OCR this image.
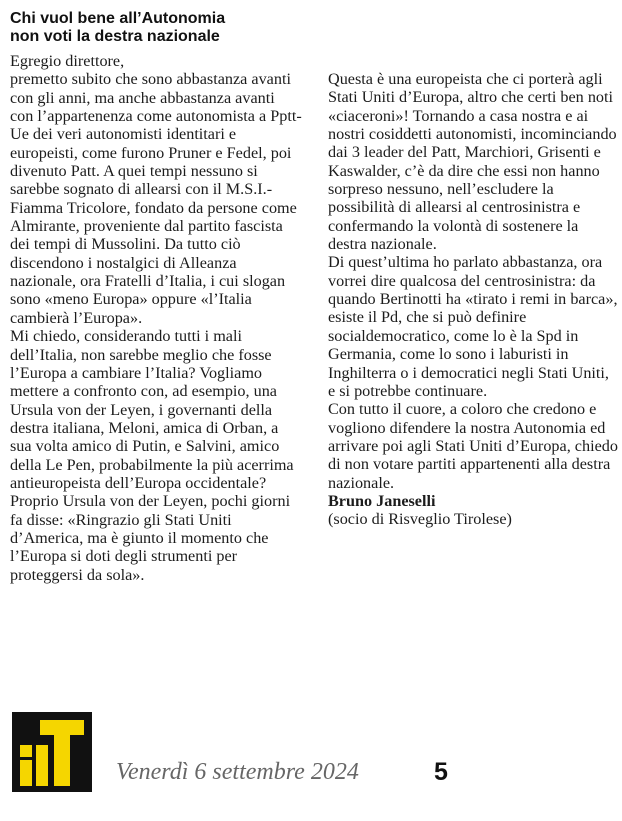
Chi vuol bene all’Autonomia
non voti la destra nazionale

Egregio direttore,

premetto subito che sono abbastanza avanti con gli anni, ma anche abbastanza avanti con l’appartenenza come autonomista a Pptt-Ue dei veri autonomisti identitari e europeisti, come furono Pruner e Fedel, poi divenuto Patt. A quei tempi nessuno si sarebbe sognato di allearsi con il M.S.I.-Fiamma Tricolore, fondato da persone come Almirante, proveniente dal partito fascista dei tempi di Mussolini. Da tutto ciò discendono i nostalgici di Alleanza nazionale, ora Fratelli d’Italia, i cui slogan sono «meno Europa» oppure «l’Italia cambierà l’Europa».

Mi chiedo, considerando tutti i mali dell’Italia, non sarebbe meglio che fosse l’Europa a cambiare l’Italia? Vogliamo mettere a confronto con, ad esempio, una Ursula von der Leyen, i governanti della destra italiana, Meloni, amica di Orban, a sua volta amico di Putin, e Salvini, amico della Le Pen, probabilmente la più acerrima antieuropeista dell’Europa occidentale?

Proprio Ursula von der Leyen, pochi giorni fa disse: «Ringrazio gli Stati Uniti d’America, ma è giunto il momento che l’Europa si doti degli strumenti per proteggersi da sola».

Questa è una europeista che ci porterà agli Stati Uniti d’Europa, altro che certi ben noti «ciaceroni»! Tornando a casa nostra e ai nostri cosiddetti autonomisti, incominciando dai 3 leader del Patt, Marchiori, Grisenti e Kaswalder, c’è da dire che essi non hanno sorpreso nessuno, nell’escludere la possibilità di allearsi al centrosinistra e confermando la volontà di sostenere la destra nazionale.

Di quest’ultima ho parlato abbastanza, ora vorrei dire qualcosa del centrosinistra: da quando Bertinotti ha «tirato i remi in barca», esiste il Pd, che si può definire socialdemocratico, come lo è la Spd in Germania, come lo sono i laburisti in Inghilterra o i democratici negli Stati Uniti, e si potrebbe continuare.

Con tutto il cuore, a coloro che credono e vogliono difendere la nostra Autonomia ed arrivare poi agli Stati Uniti d’Europa, chiedo di non votare partiti appartenenti alla destra nazionale.

Bruno Janeselli

(socio di Risveglio Tirolese)

Venerdì 6 settembre 2024	5
